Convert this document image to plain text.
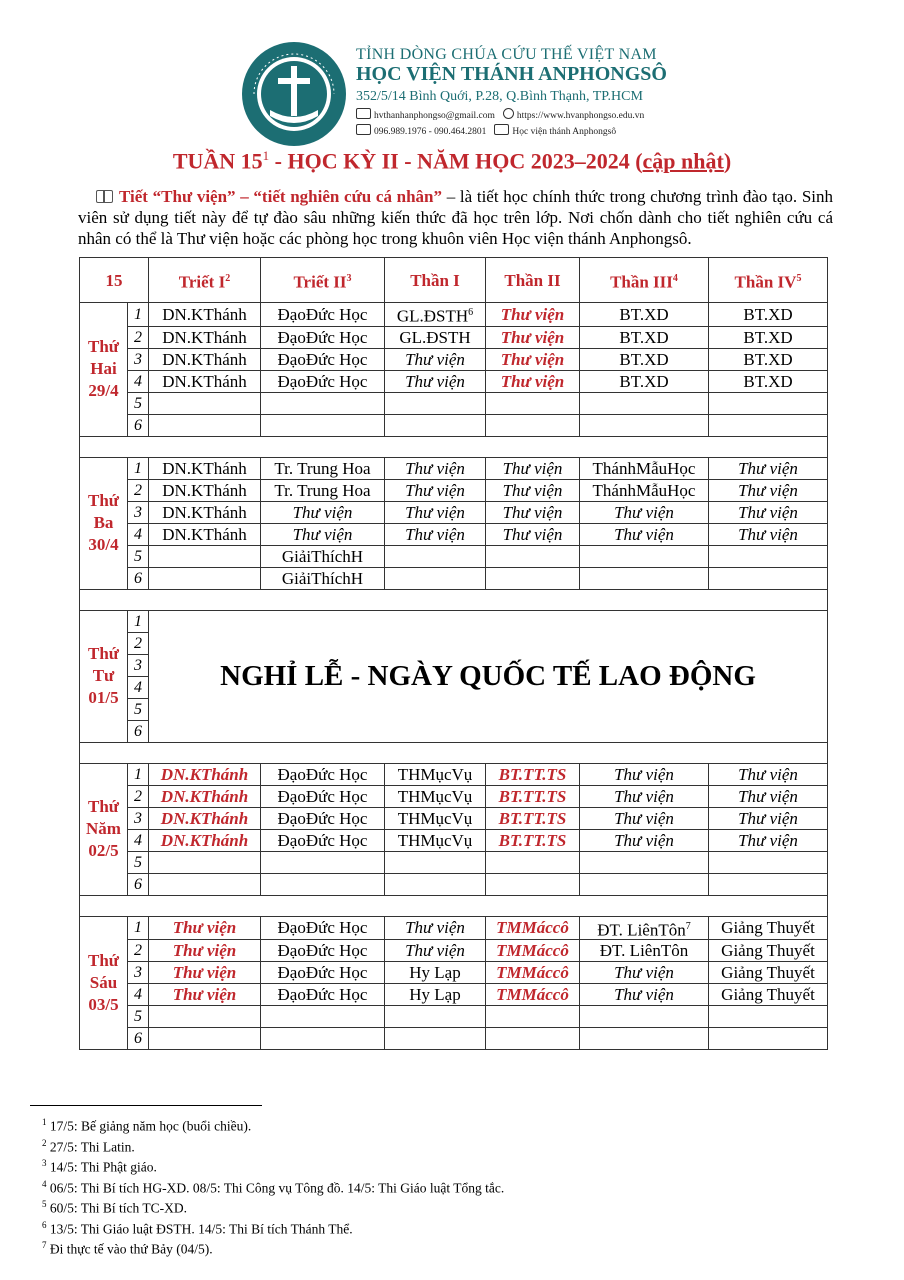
TỈNH DÒNG CHÚA CỨU THẾ VIỆT NAM
HỌC VIỆN THÁNH ANPHONGSÔ
352/5/14 Bình Quới, P.28, Q.Bình Thạnh, TP.HCM
hvthanhanphongso@gmail.com https://www.hvanphongso.edu.vn
096.989.1976 - 090.464.2801	Học viện thánh Anphongsô
TUẦN $15^1$ - HỌC KỲ II - NĂM HỌC 2023–2024 (cập nhật)
Tiết “Thư viện” – “tiết nghiên cứu cá nhân” – là tiết học chính thức trong chương trình đào tạo. Sinh viên sử dụng tiết này để tự đào sâu những kiến thức đã học trên lớp. Nơi chốn dành cho tiết nghiên cứu cá nhân có thể là Thư viện hoặc các phòng học trong khuôn viên Học viện thánh Anphongsô.
15		Triết $I^2$	Triết $II^3$	Thần I	Thần II	Thần III$^4$	Thần $IV^5$
Thứ
Hai
29/4	1	DN.KThánh	ĐạoĐức Học	GL.ĐSTH$^6$	Thư viện	BT.XD	BT.XD
	2	DN.KThánh	ĐạoĐức Học	GL.ĐSTH	Thư viện	BT.XD	BT.XD
	3	DN.KThánh	ĐạoĐức Học	Thư viện	Thư viện	BT.XD	BT.XD
	4	DN.KThánh	ĐạoĐức Học	Thư viện	Thư viện	BT.XD	BT.XD
	5						
	6						

Thứ
Ba
30/4	1	DN.KThánh	Tr. Trung Hoa	Thư viện	Thư viện	ThánhMẫuHọc	Thư viện
	2	DN.KThánh	Tr. Trung Hoa	Thư viện	Thư viện	ThánhMẫuHọc	Thư viện
	3	DN.KThánh	Thư viện	Thư viện	Thư viện	Thư viện	Thư viện
	4	DN.KThánh	Thư viện	Thư viện	Thư viện	Thư viện	Thư viện
	5		GiảiThíchH				
	6		GiảiThíchH				

Thứ
Tư
01/5	1	NGHỈ LỄ - NGÀY QUỐC TẾ LAO ĐỘNG					
	2						
	3						
	4						
	5						
	6						

Thứ
Năm
02/5	1	DN.KThánh	ĐạoĐức Học	THMụcVụ	BT.TT.TS	Thư viện	Thư viện
	2	DN.KThánh	ĐạoĐức Học	THMụcVụ	BT.TT.TS	Thư viện	Thư viện
	3	DN.KThánh	ĐạoĐức Học	THMụcVụ	BT.TT.TS	Thư viện	Thư viện
	4	DN.KThánh	ĐạoĐức Học	THMụcVụ	BT.TT.TS	Thư viện	Thư viện
	5						
	6						

Thứ
Sáu
03/5	1	Thư viện	ĐạoĐức Học	Thư viện	TMMáccô	ĐT. LiênTôn$^7$	Giảng Thuyết
	2	Thư viện	ĐạoĐức Học	Thư viện	TMMáccô	ĐT. LiênTôn	Giảng Thuyết
	3	Thư viện	ĐạoĐức Học	Hy Lạp	TMMáccô	Thư viện	Giảng Thuyết
	4	Thư viện	ĐạoĐức Học	Hy Lạp	TMMáccô	Thư viện	Giảng Thuyết
	5						
	6						
$^1$ 17/5: Bế giảng năm học (buổi chiều).
$^2$ 27/5: Thi Latin.
$^3$ 14/5: Thi Phật giáo.
$^4$ 06/5: Thi Bí tích HG-XD. 08/5: Thi Công vụ Tông đồ. 14/5: Thi Giáo luật Tổng tắc.
$^5$ 60/5: Thi Bí tích TC-XD.
$^6$ 13/5: Thi Giáo luật ĐSTH. 14/5: Thi Bí tích Thánh Thể.
$^7$ Đi thực tế vào thứ Bảy (04/5).
